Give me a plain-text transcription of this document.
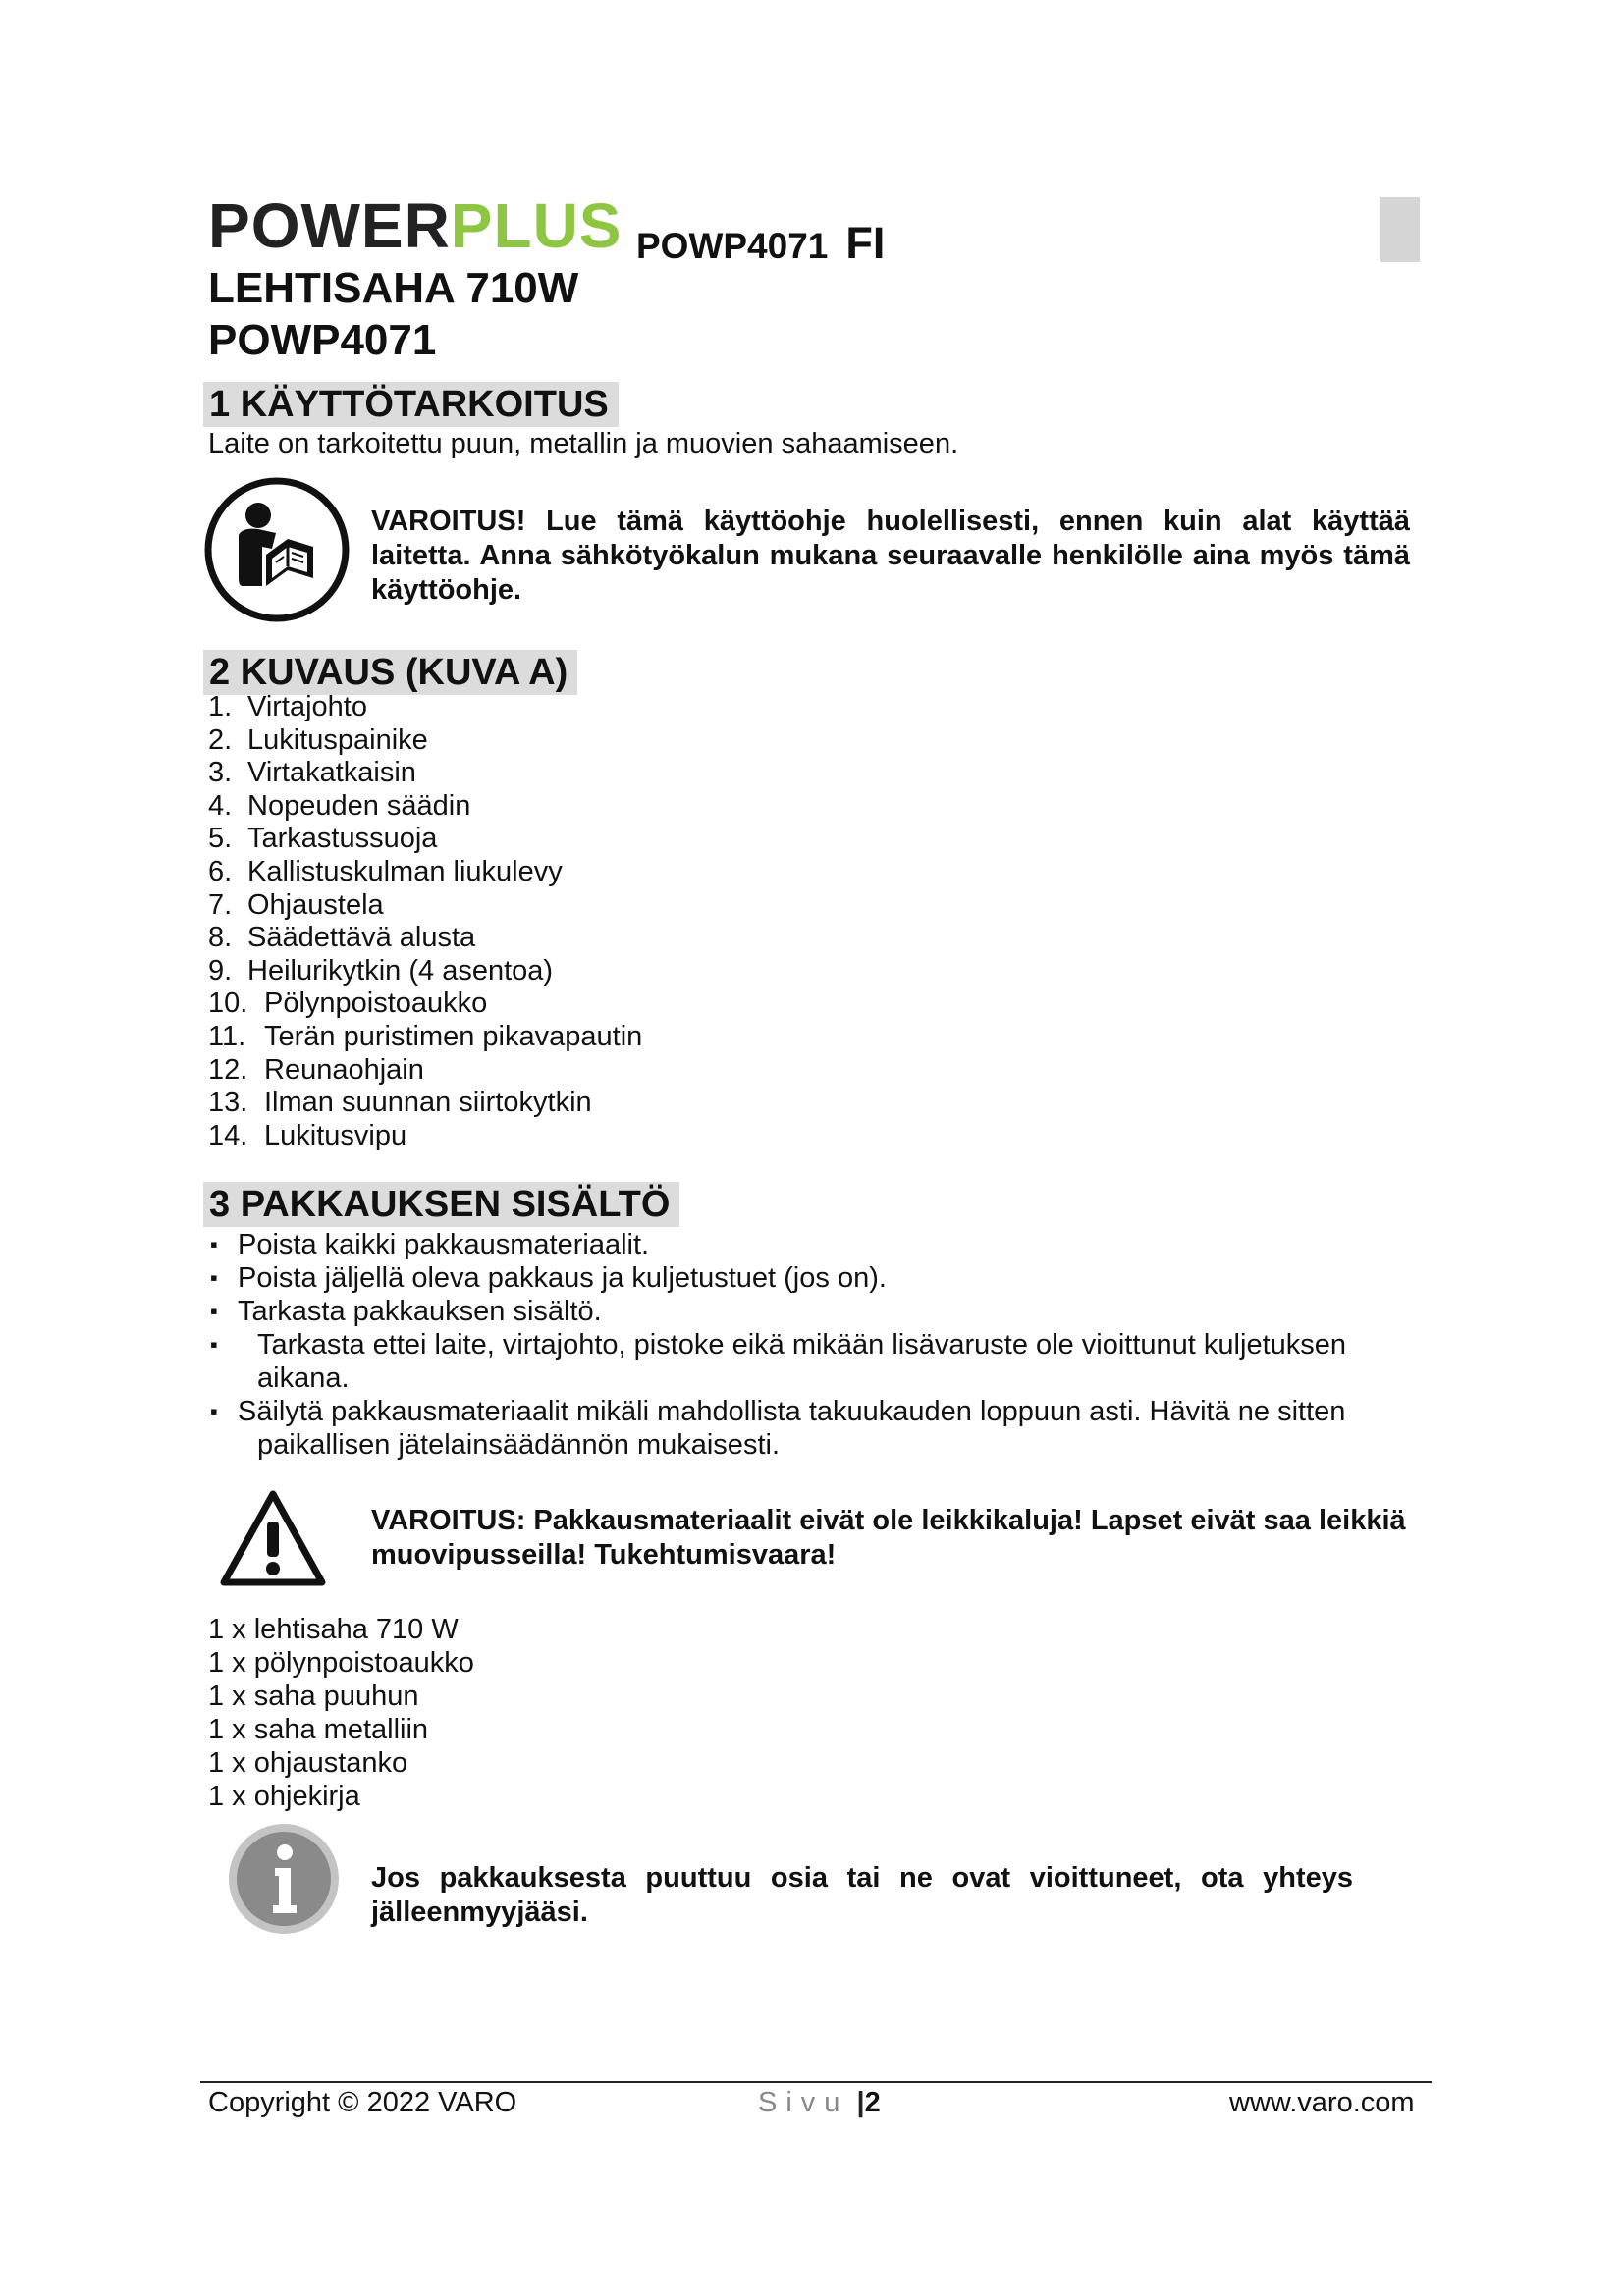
POWERPLUS POWP4071 FI
LEHTISAHA 710W
POWP4071
1 KÄYTTÖTARKOITUS
Laite on tarkoitettu puun, metallin ja muovien sahaamiseen.
VAROITUS! Lue tämä käyttöohje huolellisesti, ennen kuin alat käyttää laitetta. Anna sähkötyökalun mukana seuraavalle henkilölle aina myös tämä käyttöohje.
2 KUVAUS (KUVA A)
1. Virtajohto
2. Lukituspainike
3. Virtakatkaisin
4. Nopeuden säädin
5. Tarkastussuoja
6. Kallistuskulman liukulevy
7. Ohjaustela
8. Säädettävä alusta
9. Heilurikytkin (4 asentoa)
10. Pölynpoistoaukko
11. Terän puristimen pikavapautin
12. Reunaohjain
13. Ilman suunnan siirtokytkin
14. Lukitusvipu
3 PAKKAUKSEN SISÄLTÖ
▪ Poista kaikki pakkausmateriaalit.
▪ Poista jäljellä oleva pakkaus ja kuljetustuet (jos on).
▪ Tarkasta pakkauksen sisältö.
▪ Tarkasta ettei laite, virtajohto, pistoke eikä mikään lisävaruste ole vioittunut kuljetuksen
aikana.
▪ Säilytä pakkausmateriaalit mikäli mahdollista takuukauden loppuun asti. Hävitä ne sitten
paikallisen jätelainsäädännön mukaisesti.
VAROITUS: Pakkausmateriaalit eivät ole leikkikaluja! Lapset eivät saa leikkiä muovipusseilla! Tukehtumisvaara!
1 x lehtisaha 710 W
1 x pölynpoistoaukko
1 x saha puuhun
1 x saha metalliin
1 x ohjaustanko
1 x ohjekirja
Jos pakkauksesta puuttuu osia tai ne ovat vioittuneet, ota yhteys jälleenmyyjääsi.
Copyright © 2022 VARO	Sivu |2	www.varo.com
